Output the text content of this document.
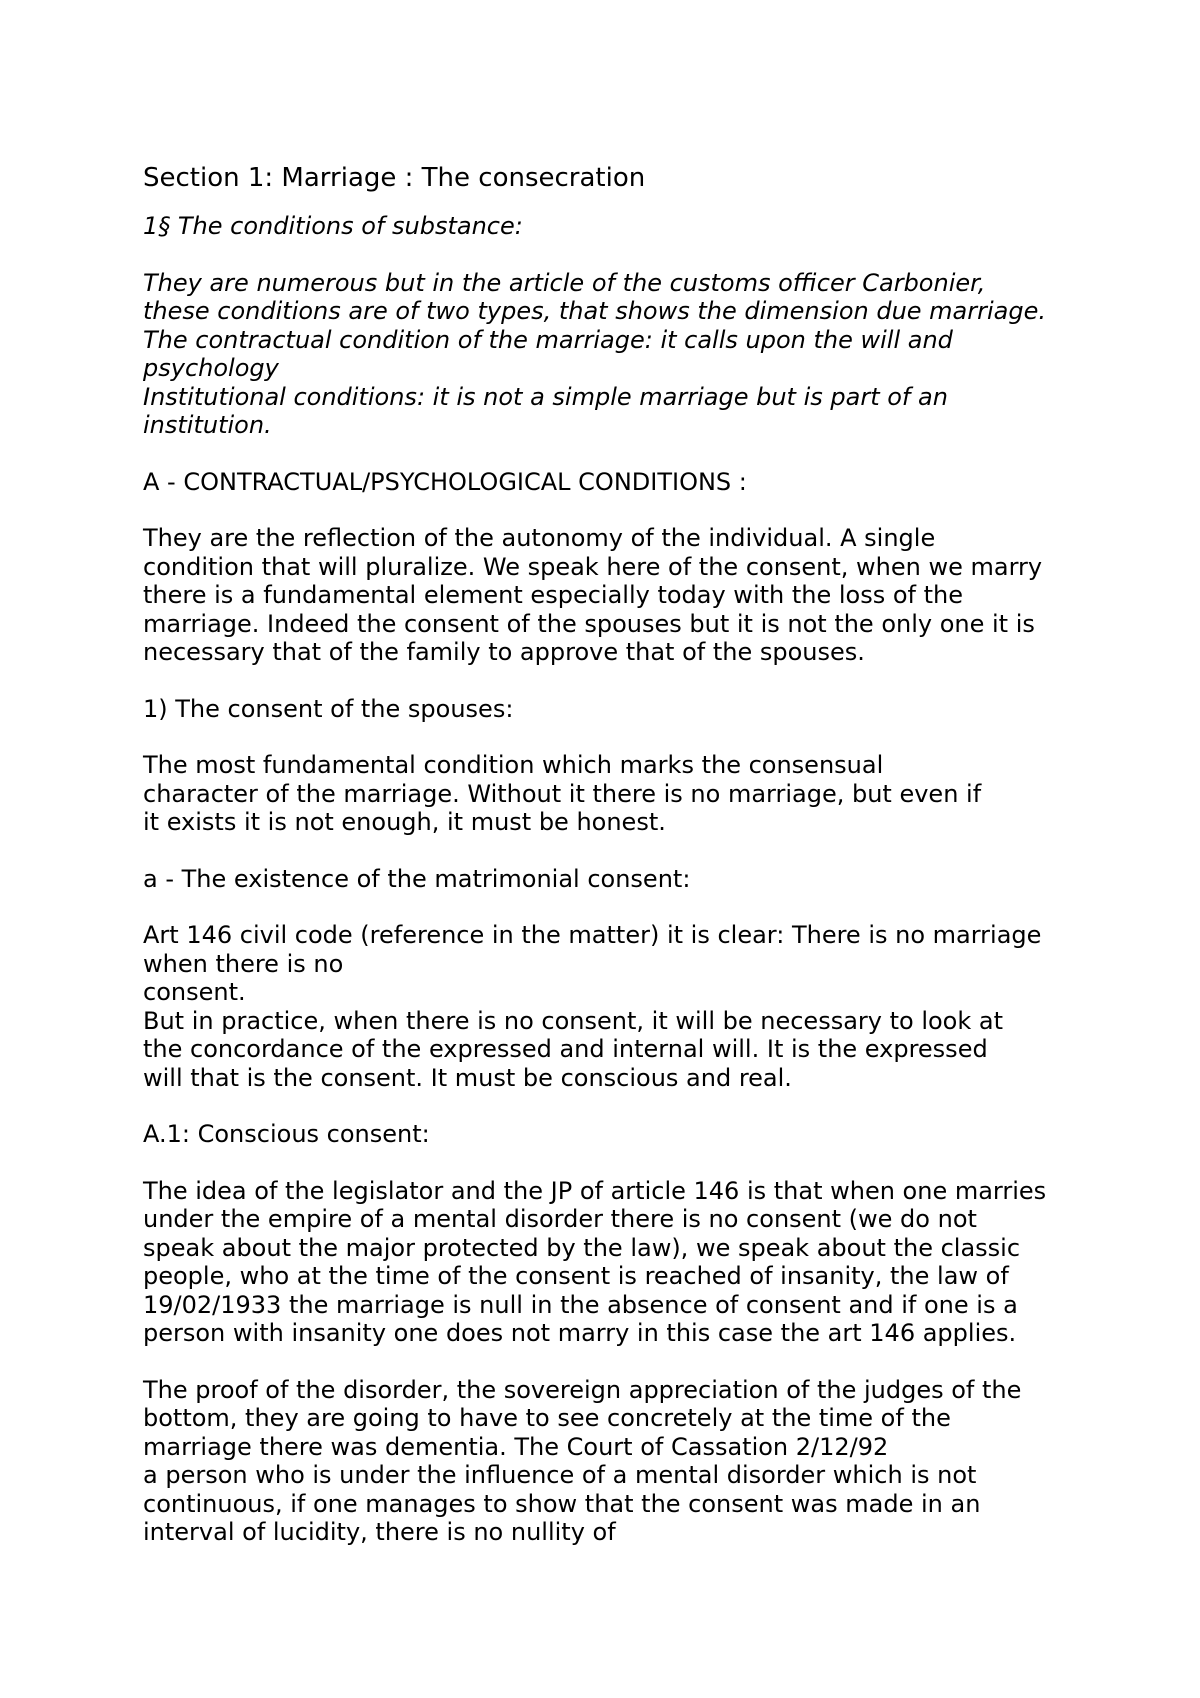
Section 1: Marriage : The consecration

1§ The conditions of substance:

They are numerous but in the article of the customs officer Carbonier,
these conditions are of two types, that shows the dimension due marriage.
The contractual condition of the marriage: it calls upon the will and
psychology
Institutional conditions: it is not a simple marriage but is part of an
institution.

A - CONTRACTUAL/PSYCHOLOGICAL CONDITIONS :

They are the reflection of the autonomy of the individual. A single
condition that will pluralize. We speak here of the consent, when we marry
there is a fundamental element especially today with the loss of the
marriage. Indeed the consent of the spouses but it is not the only one it is
necessary that of the family to approve that of the spouses.

1) The consent of the spouses:

The most fundamental condition which marks the consensual
character of the marriage. Without it there is no marriage, but even if
it exists it is not enough, it must be honest.

a - The existence of the matrimonial consent:

Art 146 civil code (reference in the matter) it is clear: There is no marriage
when there is no
consent.
But in practice, when there is no consent, it will be necessary to look at
the concordance of the expressed and internal will. It is the expressed
will that is the consent. It must be conscious and real.

A.1: Conscious consent:

The idea of the legislator and the JP of article 146 is that when one marries
under the empire of a mental disorder there is no consent (we do not
speak about the major protected by the law), we speak about the classic
people, who at the time of the consent is reached of insanity, the law of
19/02/1933 the marriage is null in the absence of consent and if one is a
person with insanity one does not marry in this case the art 146 applies.

The proof of the disorder, the sovereign appreciation of the judges of the
bottom, they are going to have to see concretely at the time of the
marriage there was dementia. The Court of Cassation 2/12/92
a person who is under the influence of a mental disorder which is not
continuous, if one manages to show that the consent was made in an
interval of lucidity, there is no nullity of
